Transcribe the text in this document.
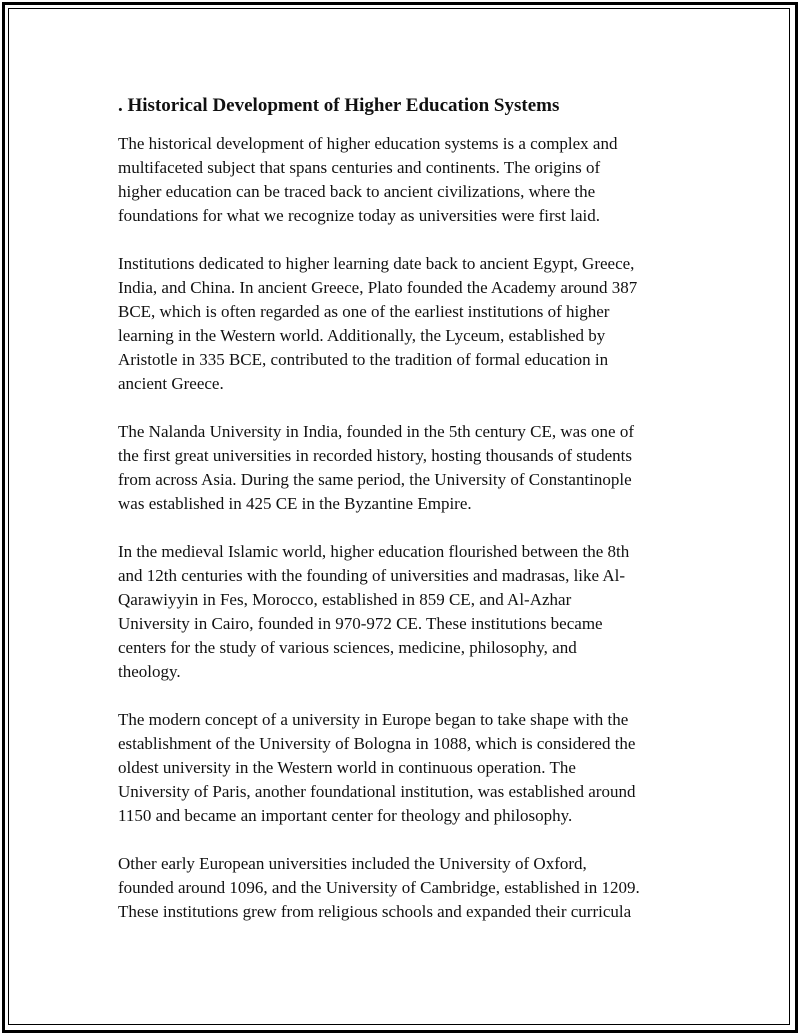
. Historical Development of Higher Education Systems

The historical development of higher education systems is a complex and
multifaceted subject that spans centuries and continents. The origins of
higher education can be traced back to ancient civilizations, where the
foundations for what we recognize today as universities were first laid.

Institutions dedicated to higher learning date back to ancient Egypt, Greece,
India, and China. In ancient Greece, Plato founded the Academy around 387
BCE, which is often regarded as one of the earliest institutions of higher
learning in the Western world. Additionally, the Lyceum, established by
Aristotle in 335 BCE, contributed to the tradition of formal education in
ancient Greece.

The Nalanda University in India, founded in the 5th century CE, was one of
the first great universities in recorded history, hosting thousands of students
from across Asia. During the same period, the University of Constantinople
was established in 425 CE in the Byzantine Empire.

In the medieval Islamic world, higher education flourished between the 8th
and 12th centuries with the founding of universities and madrasas, like Al-
Qarawiyyin in Fes, Morocco, established in 859 CE, and Al-Azhar
University in Cairo, founded in 970-972 CE. These institutions became
centers for the study of various sciences, medicine, philosophy, and
theology.

The modern concept of a university in Europe began to take shape with the
establishment of the University of Bologna in 1088, which is considered the
oldest university in the Western world in continuous operation. The
University of Paris, another foundational institution, was established around
1150 and became an important center for theology and philosophy.

Other early European universities included the University of Oxford,
founded around 1096, and the University of Cambridge, established in 1209.
These institutions grew from religious schools and expanded their curricula
